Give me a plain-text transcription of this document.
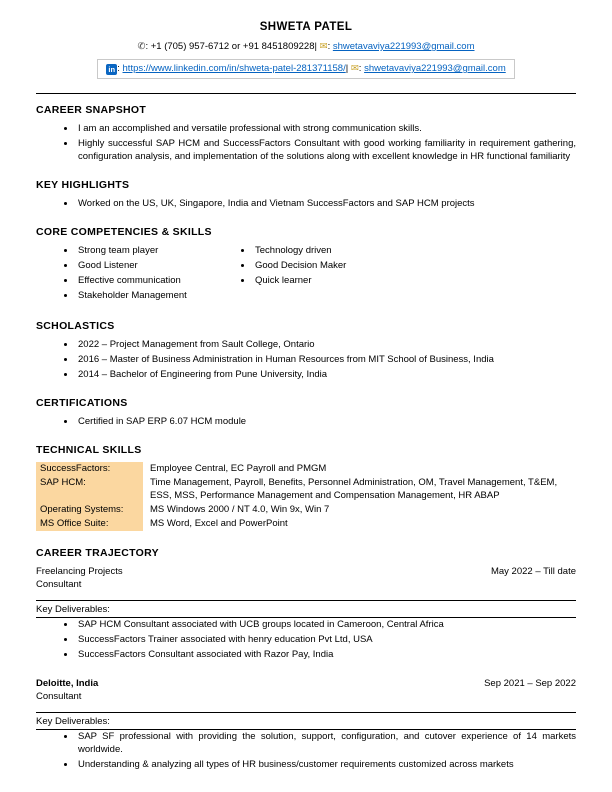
SHWETA PATEL
✆: +1 (705) 957-6712 or +91 8451809228| ✉: shwetavaviya221993@gmail.com
in : https://www.linkedin.com/in/shweta-patel-281371158/| ✉: shwetavaviya221993@gmail.com
CAREER SNAPSHOT
• I am an accomplished and versatile professional with strong communication skills.
• Highly successful SAP HCM and SuccessFactors Consultant with good working familiarity in requirement gathering, configuration analysis, and implementation of the solutions along with excellent knowledge in HR functional familiarity
KEY HIGHLIGHTS
• Worked on the US, UK, Singapore, India and Vietnam SuccessFactors and SAP HCM projects
CORE COMPETENCIES & SKILLS
• Strong team player
• Good Listener
• Effective communication
• Stakeholder Management
• Technology driven
• Good Decision Maker
• Quick learner
SCHOLASTICS
• 2022 – Project Management from Sault College, Ontario
• 2016 – Master of Business Administration in Human Resources from MIT School of Business, India
• 2014 – Bachelor of Engineering from Pune University, India
CERTIFICATIONS
• Certified in SAP ERP 6.07 HCM module
TECHNICAL SKILLS
SuccessFactors:	Employee Central, EC Payroll and PMGM
SAP HCM:	Time Management, Payroll, Benefits, Personnel Administration, OM, Travel Management, T&EM, ESS, MSS, Performance Management and Compensation Management, HR ABAP
Operating Systems:	MS Windows 2000 / NT 4.0, Win 9x, Win 7
MS Office Suite:	MS Word, Excel and PowerPoint
CAREER TRAJECTORY
Freelancing Projects	May 2022 – Till date
Consultant
Key Deliverables:
• SAP HCM Consultant associated with UCB groups located in Cameroon, Central Africa
• SuccessFactors Trainer associated with henry education Pvt Ltd, USA
• SuccessFactors Consultant associated with Razor Pay, India
Deloitte, India	Sep 2021 – Sep 2022
Consultant
Key Deliverables:
• SAP SF professional with providing the solution, support, configuration, and cutover experience of 14 markets worldwide.
• Understanding & analyzing all types of HR business/customer requirements customized across markets
